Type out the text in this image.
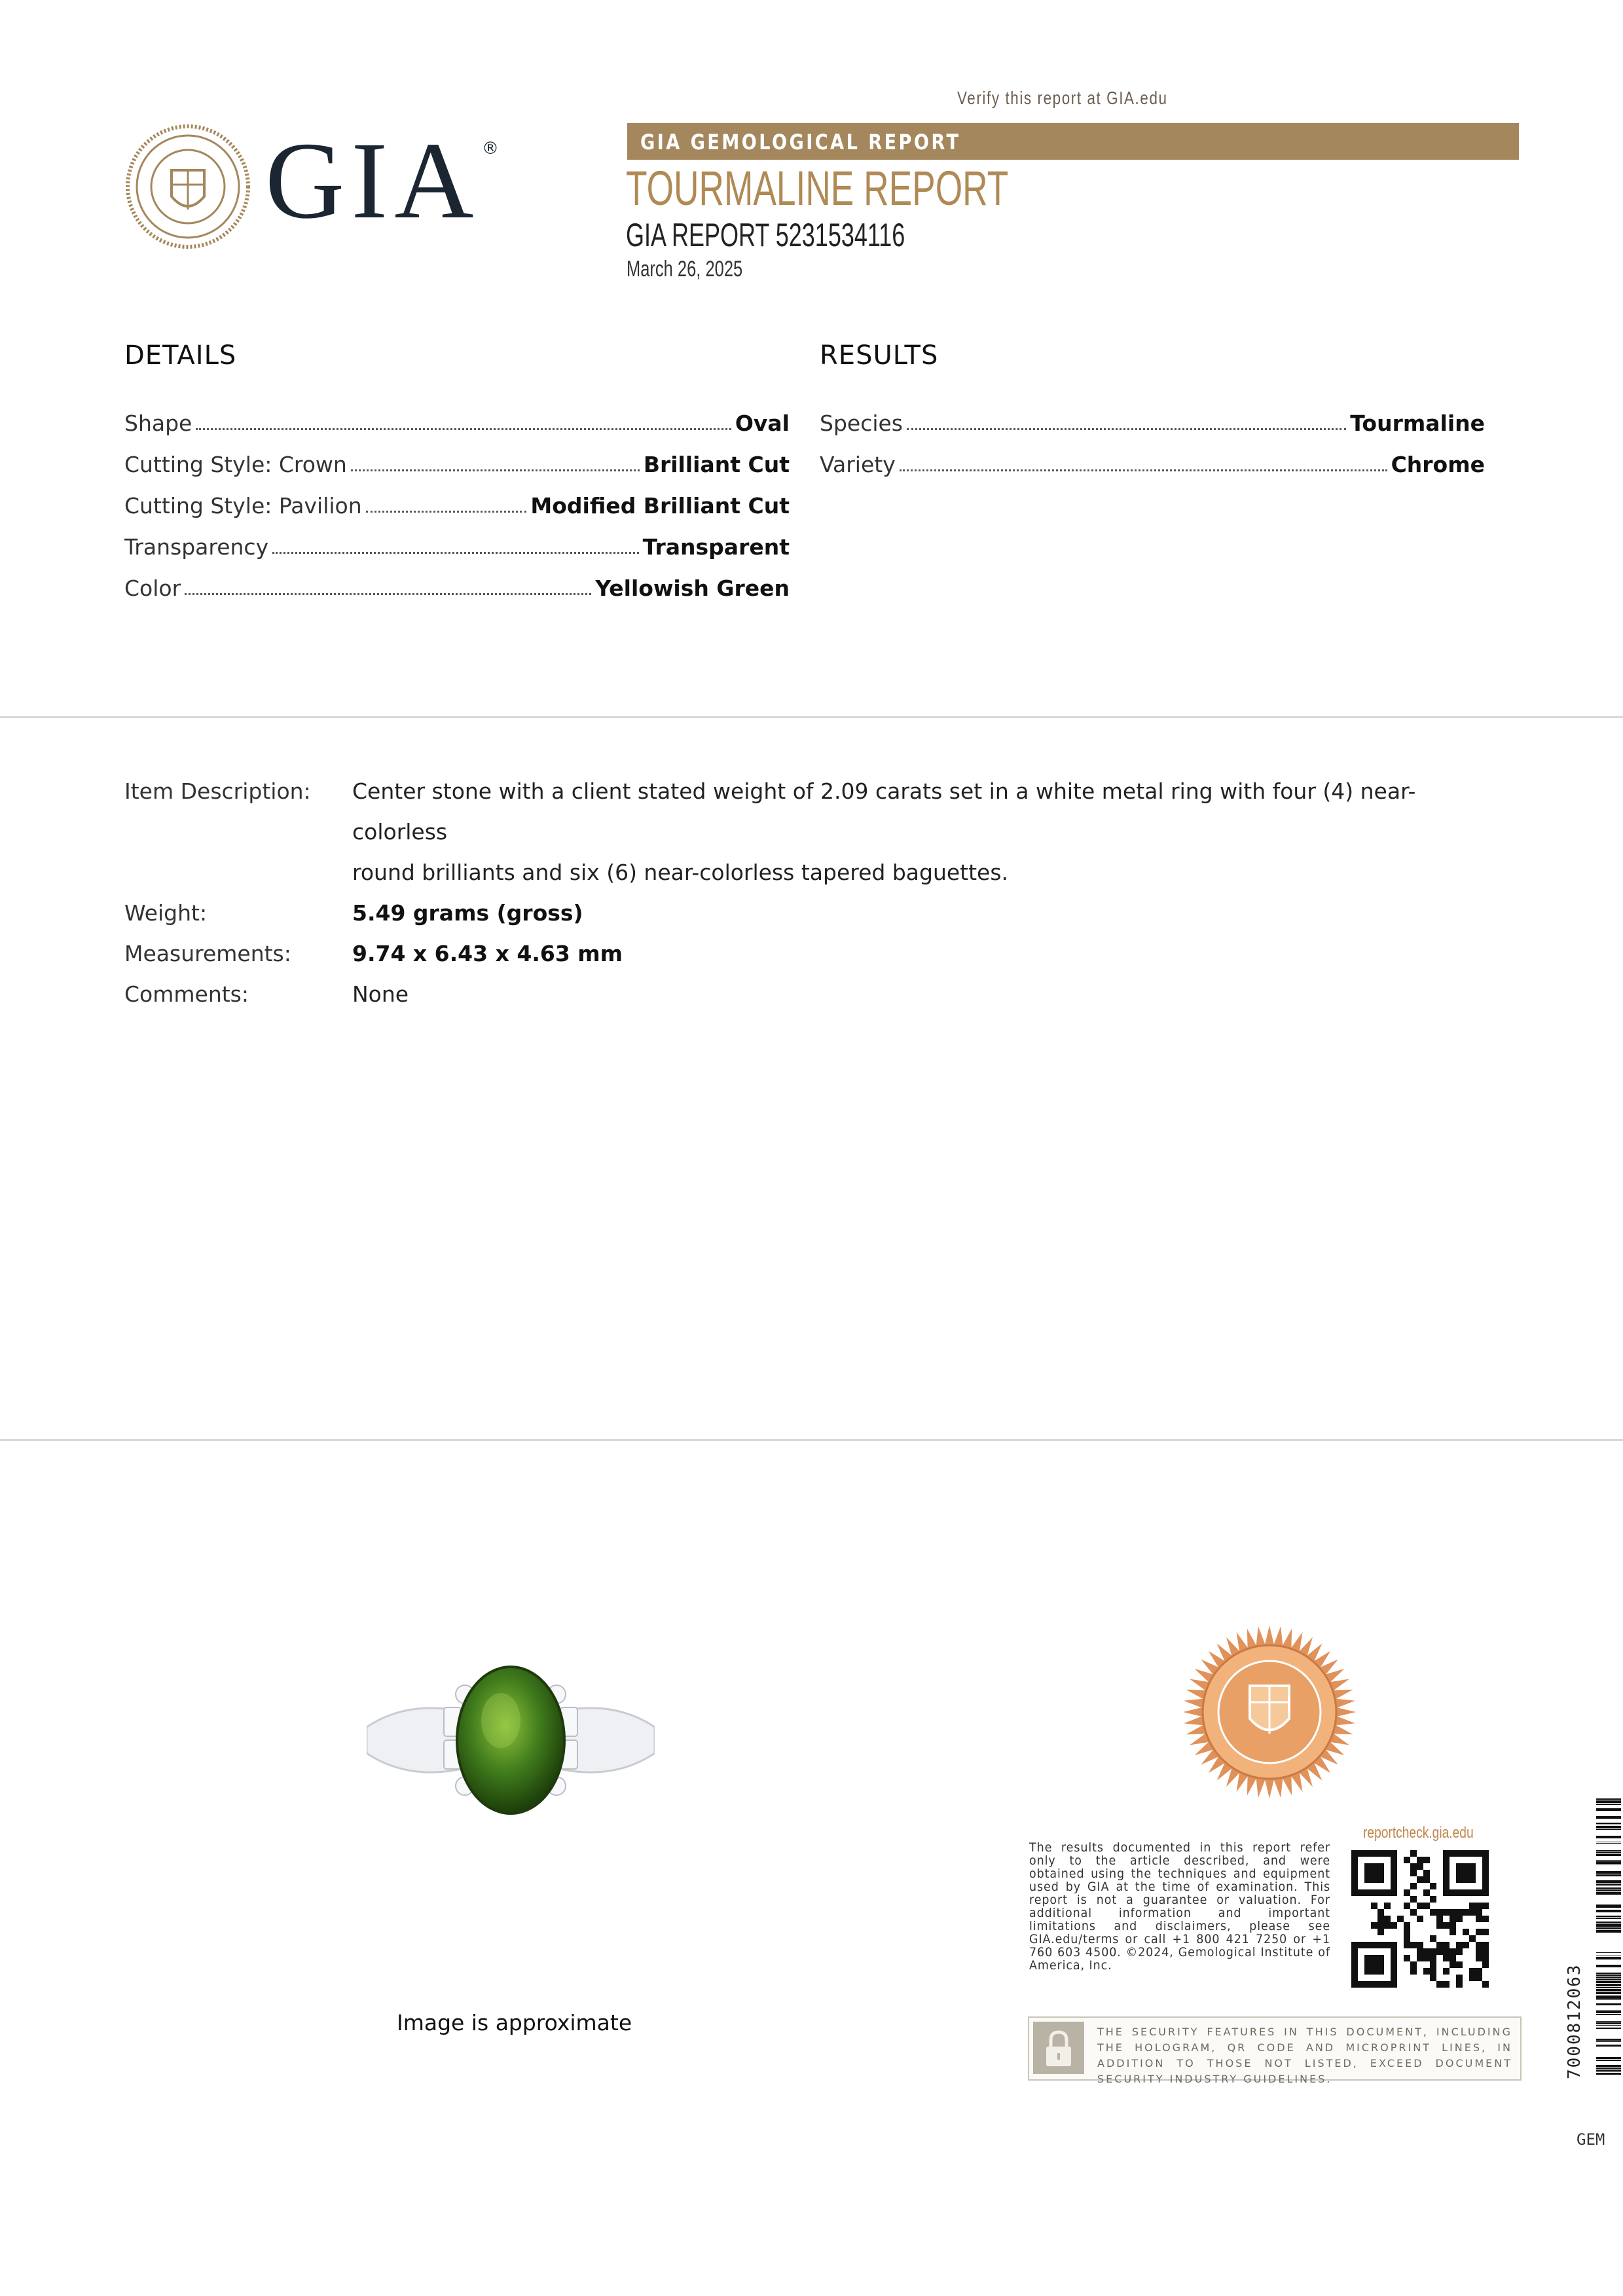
Verify this report at GIA.edu
GIA ®	GIA GEMOLOGICAL REPORT
TOURMALINE REPORT
GIA REPORT 5231534116
March 26, 2025
DETAILS
Shape	Oval
Cutting Style: Crown	Brilliant Cut
Cutting Style: Pavilion	Modified Brilliant Cut
Transparency	Transparent
Color	Yellowish Green
RESULTS
Species	Tourmaline
Variety	Chrome
Item Description:	Center stone with a client stated weight of 2.09 carats set in a white metal ring with four (4) near-colorless
round brilliants and six (6) near-colorless tapered baguettes.
Weight:	5.49 grams (gross)
Measurements:	9.74 x 6.43 x 4.63 mm
Comments:	None
Image is approximate
reportcheck.gia.edu
The results documented in this report refer only to the article described, and were obtained using the techniques and equipment used by GIA at the time of examination. This report is not a guarantee or valuation. For additional information and important limitations and disclaimers, please see GIA.edu/terms or call +1 800 421 7250 or +1 760 603 4500. ©2024, Gemological Institute of America, Inc.
THE SECURITY FEATURES IN THIS DOCUMENT, INCLUDING THE HOLOGRAM, QR CODE AND MICROPRINT LINES, IN ADDITION TO THOSE NOT LISTED, EXCEED DOCUMENT SECURITY INDUSTRY GUIDELINES.	7000812063
GEM
